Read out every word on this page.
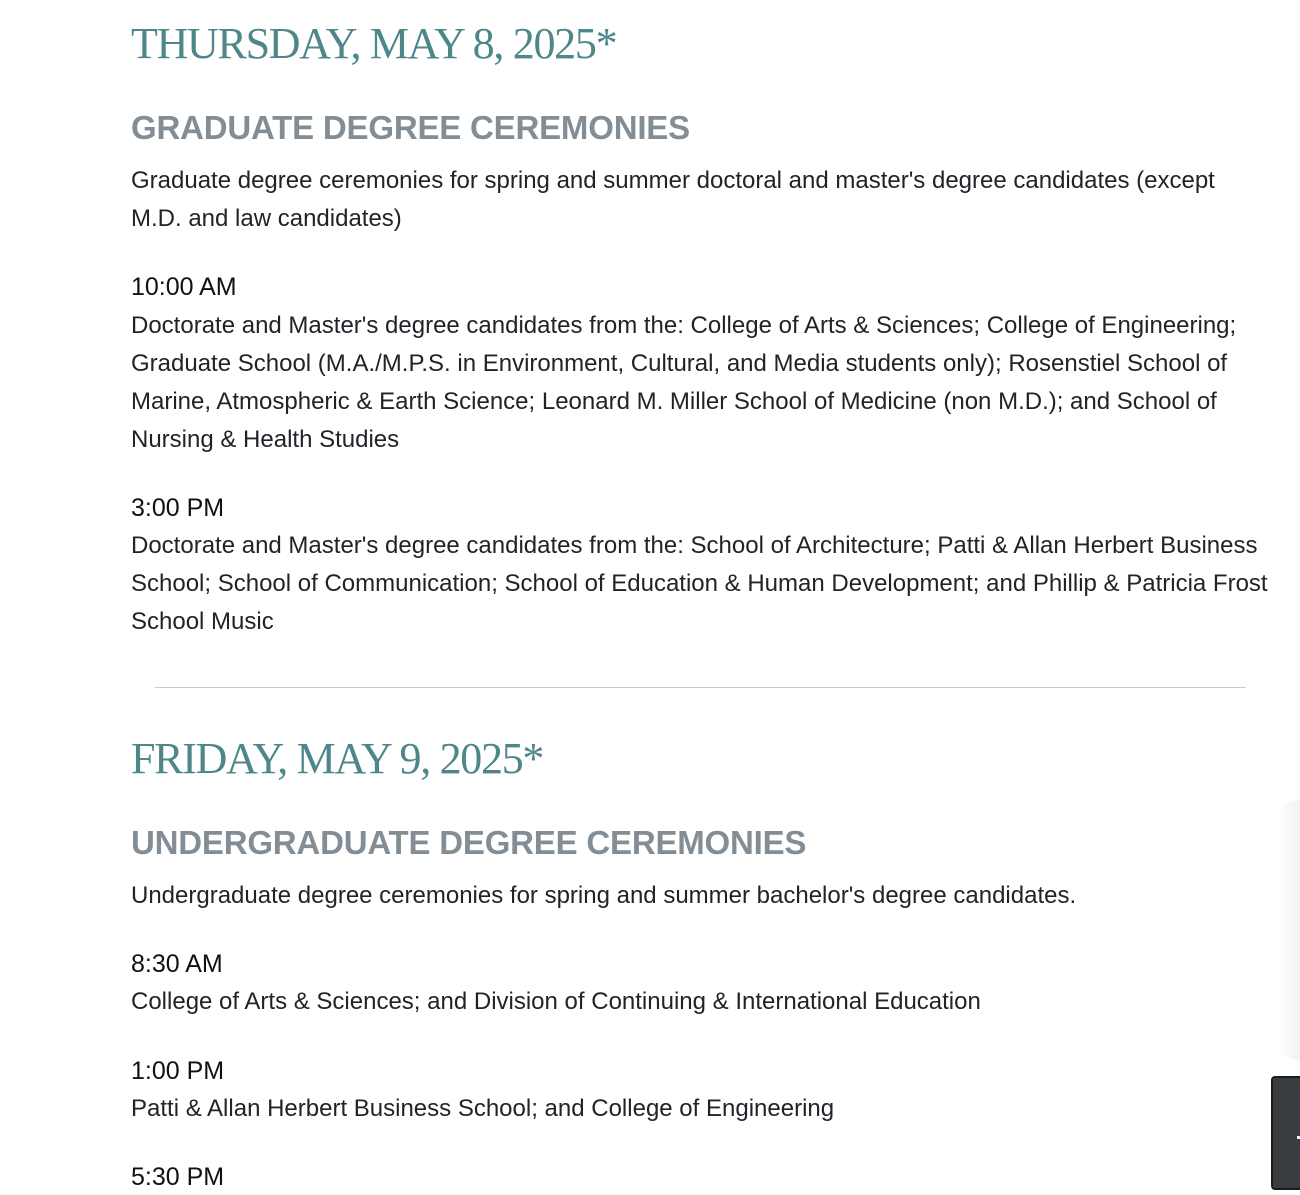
THURSDAY, MAY 8, 2025*
GRADUATE DEGREE CEREMONIES

Graduate degree ceremonies for spring and summer doctoral and master's degree candidates (except M.D. and law candidates)

10:00 AM

Doctorate and Master's degree candidates from the: College of Arts & Sciences; College of Engineering; Graduate School (M.A./M.P.S. in Environment, Cultural, and Media students only); Rosenstiel School of Marine, Atmospheric & Earth Science; Leonard M. Miller School of Medicine (non M.D.); and School of Nursing & Health Studies

3:00 PM

Doctorate and Master's degree candidates from the: School of Architecture; Patti & Allan Herbert Business School; School of Communication; School of Education & Human Development; and Phillip & Patricia Frost School Music

FRIDAY, MAY 9, 2025*
UNDERGRADUATE DEGREE CEREMONIES

Undergraduate degree ceremonies for spring and summer bachelor's degree candidates.

8:30 AM

College of Arts & Sciences; and Division of Continuing & International Education

1:00 PM

Patti & Allan Herbert Business School; and College of Engineering

5:30 PM
